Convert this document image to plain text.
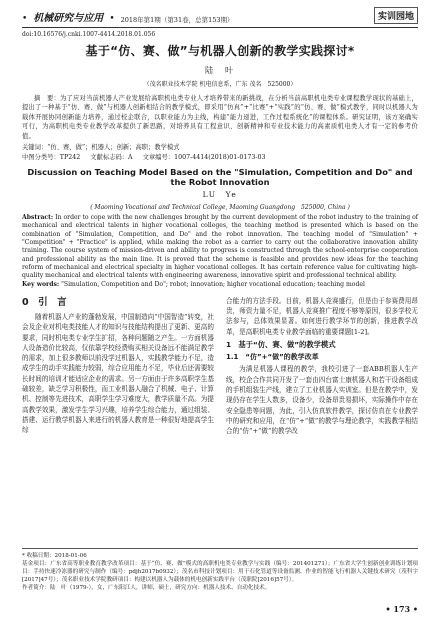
• 机械研究与应用 • 2018年第1期（第31卷，总第153期）	实训园地
doi:10.16576/j.cnki.1007-4414.2018.01.056
基于“仿、赛、做”与机器人创新的教学实践探讨*
陆　叶
（茂名职业技术学院 机电信息系，广东 茂名　525000）
摘　要：为了应对当前机器人产业发展给高职机电类专业人才培养带来的新挑战，在分析当前高职机电类专业课程教学现状的基础上，提出了一种基于“仿、赛、做”与机器人创新相结合的教学模式，即采用“仿真”+“比赛”+“实践”的“仿、赛、做”模式教学，同时以机器人为载体开展协同创新能力培养，通过校企联合，以职业能力为主线，构建“能力递进，工作过程系统化”的课程体系。研究证明，该方案确实可行，为高职机电类专业教学改革提供了新思路，对培养具有工程意识、创新精神和专业技术能力的高素质机电类人才有一定的参考价值。
关键词：“仿、赛、做”；机器人；创新；高职；教学模式
中图分类号：TP242 文献标志码：A 文章编号：1007-4414(2018)01-0173-03
Discussion on Teaching Model Based on the "Simulation, Competition and Do" and the Robot Innovation
LU　Ye
( Maoming Vocational and Technical College, Maoming Guangdong　525000, China )
Abstract: In order to cope with the new challenges brought by the current development of the robot industry to the training of mechanical and electrical talents in higher vocational colleges, the teaching method is presented which is based on the combination of "Simulation, Competition, and Do" and the robot innovation. The teaching model of "Simulation" + "Competition" + "Practice" is applied, while making the robot as a carrier to carry out the collaborative innovation ability training. The course system of mission-driven and ability to progress is constructed through the school-enterprise cooperation and professional ability as the main line. It is proved that the scheme is feasible and provides new ideas for the teaching reform of mechanical and electrical specialty in higher vocational colleges. It has certain reference value for cultivating high-quality mechanical and electrical talents with engineering awareness, innovative spirit and professional technical ability.
Key words: "Simulation, Competition and Do"; robot; innovation; higher vocational education; teaching model
0　引　言

随着机器人产业的蓬勃发展，中国制造向“中国智造”转变，社会及企业对机电类技能人才的知识与技能结构提出了更新、更高的要求，同时机电类专业学生扩招，各种问题随之产生。一方面机器人设备造价比较高，仅依靠学校经费购买相关设备远不能满足教学的需求，加上很多教师以前没学过机器人，实践教学能力不足，造成学生的动手实践能力较弱，综合应用能力不足，毕业后还需要较长时间的培训才能适应企业的需求。另一方面由于许多高职学生基础较差，缺乏学习积极性，而工业机器人融合了机械、电子、计算机、控制等先进技术，高职学生学习难度大，教学质量不高。为提高教学效果，激发学生学习兴趣，培养学生综合能力，通过组装、搭建、运行教学机器人来进行的机器人教育是一种很好地提高学生综

合能力的方法手段。目前，机器人竞赛盛行，但是由于参赛费用昂贵，师资力量不足，机器人竞赛推广程度不够等原因，很多学校无法参与，总体效果显著。如何进行教学环节的创新，推进教学改革，是高职机电类专业教学面临的重要课题[1-2]。

1　基于“仿、赛、做”的教学模式
1.1　“仿”+“做”的教学改革

为满足机器人课程的教学，我校引进了一套ABB机器人生产线，校企合作共同开发了一套由四台富士康机器人和若干设备组成的手机组装生产线，建立了工业机器人实训室。但是在教学中，发现仍存在学生人数多，设备少，设备昂贵易损坏，实际操作中存在安全隐患等问题，为此，引入仿真软件教学，探讨仿真在专业教学中的研究和应用，在“仿”+“做”的教学与理论教学，实践教学相结合的“仿”+“做”的教学改

* 收稿日期：2018-01-06
基金项目：广东省高等职业教育教学改革项目：基于“仿、赛、做”模式的高职机电类专业教学与实践（编号：201401271）；广东省大学生创新创业训练计划项目：手持快速冷冻器的研究与制作（编号：pdjh2017b0932）；茂名市科技计划项目：用于石化管道等设备监测、作业的智能飞行机器人关键技术研究（茂科字[2017]47号）；茂名职业技术学院教研项目：构建以机器人为载体的机电创新实践平台（茂职院[2016]57号）。
作者简介：陆　叶（1979-），女，广东阳江人，讲师，硕士，研究方向：机器人技术、自动化技术。
• 173 •
